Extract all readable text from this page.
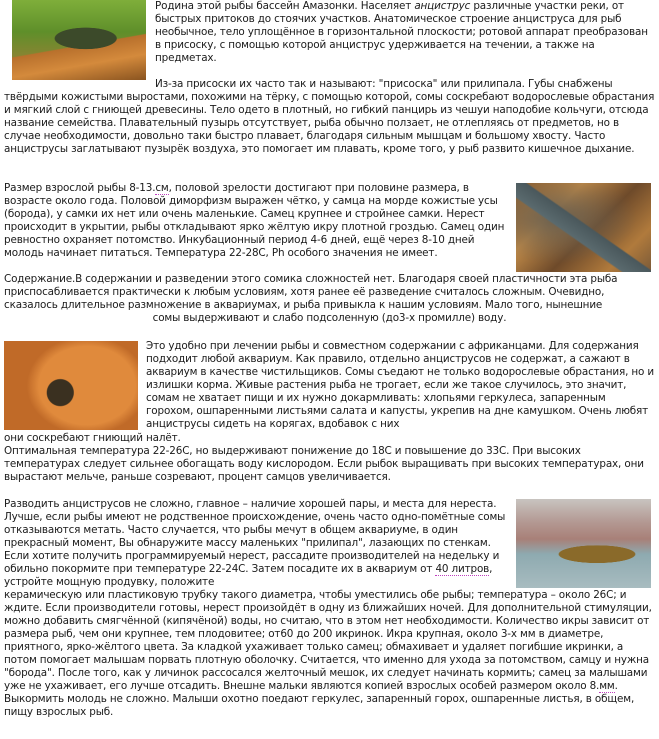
Родина этой рыбы бассейн Амазонки. Населяет анциструс различные участки реки, от быстрых притоков до стоячих участков. Анатомическое строение анциструса для рыб необычное, тело уплощённое в горизонтальной плоскости; ротовой аппарат преобразован в присоску, с помощью которой анциструс удерживается на течении, а также на предметах.

Из-за присоски их часто так и называют: "присоска" или прилипала. Губы снабжены твёрдыми кожистыми выростами, похожими на тёрку, с помощью которой, сомы соскребают водорослевые обрастания и мягкий слой с гниющей древесины. Тело одето в плотный, но гибкий панцирь из чешуи наподобие кольчуги, отсюда название семейства. Плавательный пузырь отсутствует, рыба обычно ползает, не отлепляясь от предметов, но в случае необходимости, довольно таки быстро плавает, благодаря сильным мышцам и большому хвосту. Часто анциструсы заглатывают пузырёк воздуха, это помогает им плавать, кроме того, у рыб развито кишечное дыхание.

Размер взрослой рыбы 8-13.см, половой зрелости достигают при половине размера, в возрасте около года. Половой диморфизм выражен чётко, у самца на морде кожистые усы (борода), у самки их нет или очень маленькие. Самец крупнее и стройнее самки. Нерест происходит в укрытии, рыбы откладывают ярко жёлтую икру плотной гроздью. Самец один ревностно охраняет потомство. Инкубационный период 4-6 дней, ещё через 8-10 дней молодь начинает питаться. Температура 22-28С, Ph особого значения не имеет.

Содержание.В содержании и разведении этого сомика сложностей нет. Благодаря своей пластичности эта рыба приспосабливается практически к любым условиям, хотя ранее её разведение считалось сложным. Очевидно, сказалось длительное размножение в аквариумах, и рыба привыкла к нашим условиям. Мало того, нынешние
сомы выдерживают и слабо подсоленную (до3-х промилле) воду.

Это удобно при лечении рыбы и совместном содержании с африканцами. Для содержания подходит любой аквариум. Как правило, отдельно анциструсов не содержат, а сажают в аквариум в качестве чистильщиков. Сомы съедают не только водорослевые обрастания, но и излишки корма. Живые растения рыба не трогает, если же такое случилось, это значит, сомам не хватает пищи и их нужно докармливать: хлопьями геркулеса, запаренным горохом, ошпаренными листьями салата и капусты, укрепив на дне камушком. Очень любят анциструсы сидеть на корягах, вдобавок с них

они соскребают гниющий налёт.
Оптимальная температура 22-26С, но выдерживают понижение до 18С и повышение до 33С. При высоких температурах следует сильнее обогащать воду кислородом. Если рыбок выращивать при высоких температурах, они вырастают мельче, раньше созревают, процент самцов увеличивается.

Разводить анциструсов не сложно, главное – наличие хорошей пары, и места для нереста. Лучше, если рыбы имеют не родственное происхождение, очень часто одно-помётные сомы отказываются метать. Часто случается, что рыбы мечут в общем аквариуме, в один прекрасный момент, Вы обнаружите массу маленьких "прилипал", лазающих по стенкам. Если хотите получить программируемый нерест, рассадите производителей на недельку и обильно покормите при температуре 22-24С. Затем посадите их в аквариум от 40 литров, устройте мощную продувку, положите

керамическую или пластиковую трубку такого диаметра, чтобы уместились обе рыбы; температура – около 26С; и ждите. Если производители готовы, нерест произойдёт в одну из ближайших ночей. Для дополнительной стимуляции, можно добавить смягчённой (кипячёной) воды, но считаю, что в этом нет необходимости. Количество икры зависит от размера рыб, чем они крупнее, тем плодовитее; от60 до 200 икринок. Икра крупная, около 3-х мм в диаметре, приятного, ярко-жёлтого цвета. За кладкой ухаживает только самец; обмахивает и удаляет погибшие икринки, а потом помогает малышам порвать плотную оболочку. Считается, что именно для ухода за потомством, самцу и нужна "борода". После того, как у личинок рассосался желточный мешок, их следует начинать кормить; самец за малышами уже не ухаживает, его лучше отсадить. Внешне мальки являются копией взрослых особей размером около 8.мм.
Выкормить молодь не сложно. Малыши охотно поедают геркулес, запаренный горох, ошпаренные листья, в общем, пищу взрослых рыб.
